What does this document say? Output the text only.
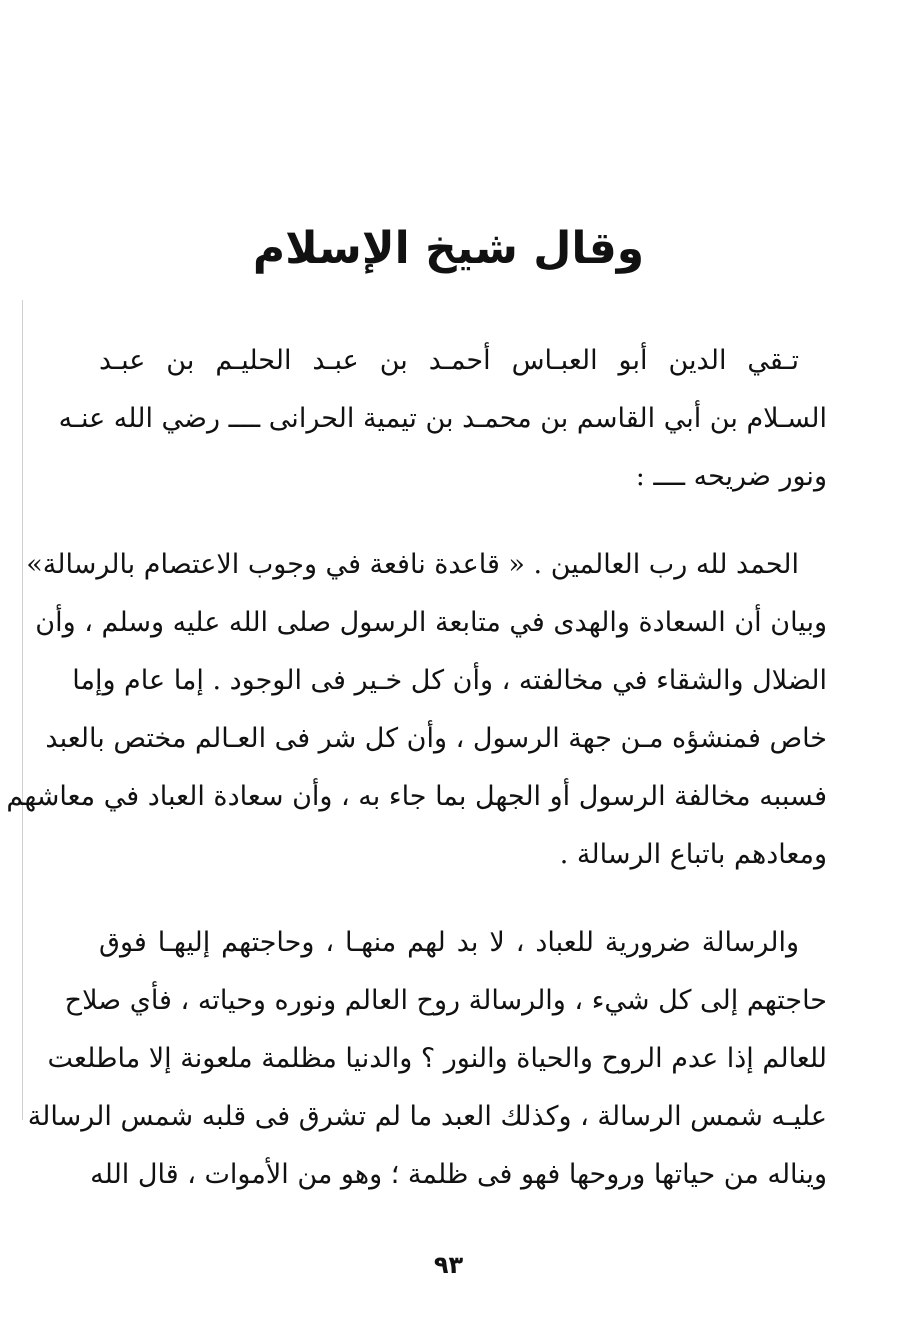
وقال شيخ الإسلام
تـقي الدين أبو العبـاس أحمـد بن عبـد الحليـم بن عبـد
السـلام بن أبي القاسم بن محمـد بن تيمية الحرانى ــــ رضي الله عنـه
ونور ضريحه ــــ :
الحمد لله رب العالمين . « قاعدة نافعة في وجوب الاعتصام بالرسالة»
وبيان أن السعادة والهدى في متابعة الرسول صلى الله عليه وسلم ، وأن
الضلال والشقاء في مخالفته ، وأن كل خـير فى الوجود . إما عام وإما
خاص فمنشؤه مـن جهة الرسول ، وأن كل شر فى العـالم مختص بالعبد
فسببه مخالفة الرسول أو الجهل بما جاء به ، وأن سعادة العباد في معاشهم
ومعادهم باتباع الرسالة .
والرسالة ضرورية للعباد ، لا بد لهم منهـا ، وحاجتهم إليهـا فوق
حاجتهم إلى كل شيء ، والرسالة روح العالم ونوره وحياته ، فأي صلاح
للعالم إذا عدم الروح والحياة والنور ؟ والدنيا مظلمة ملعونة إلا ماطلعت
عليـه شمس الرسالة ، وكذلك العبد ما لم تشرق فى قلبه شمس الرسالة
ويناله من حياتها وروحها فهو فى ظلمة ؛ وهو من الأموات ، قال الله
٩٣
